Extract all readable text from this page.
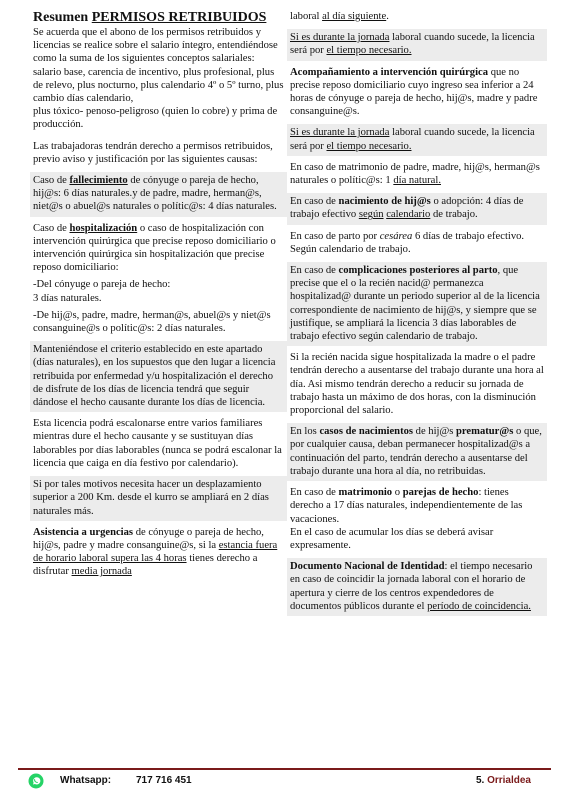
Resumen PERMISOS RETRIBUIDOS
Se acuerda que el abono de los permisos retribuidos y licencias se realice sobre el salario íntegro, entendiéndose como la suma de los siguientes conceptos salariales: salario base, carencia de incentivo, plus profesional, plus de relevo, plus nocturno, plus calendario 4º o 5º turno, plus cambio días calendario,
plus tóxico- penoso-peligroso (quien lo cobre) y prima de producción.
Las trabajadoras tendrán derecho a permisos retribuidos, previo aviso y justificación por las siguientes causas:
Caso de fallecimiento de cónyuge o pareja de hecho, hij@s: 6 días naturales.y de padre, madre, herman@s, niet@s o abuel@s naturales o polític@s: 4 días naturales.
Caso de hospitalización o caso de hospitalización con intervención quirúrgica que precise reposo domiciliario o intervención quirúrgica sin hospitalización que precise reposo domiciliario:
-Del cónyuge o pareja de hecho:
3 días naturales.
-De hij@s, padre, madre, herman@s, abuel@s y niet@s consanguine@s o polític@s: 2 días naturales.
Manteniéndose el criterio establecido en este apartado (días naturales), en los supuestos que den lugar a licencia retribuida por enfermedad y/u hospitalización el derecho de disfrute de los días de licencia tendrá que seguir dándose el hecho causante durante los días de licencia.
Esta licencia podrá escalonarse entre varios familiares mientras dure el hecho causante y se sustituyan días laborables por días laborables (nunca se podrá escalonar la licencia que caiga en día festivo por calendario).
Si por tales motivos necesita hacer un desplazamiento superior a 200 Km. desde el kurro se ampliará en 2 días naturales más.
Asistencia a urgencias de cónyuge o pareja de hecho, hij@s, padre y madre consanguine@s, si la estancia fuera de horario laboral supera las 4 horas tienes derecho a disfrutar media jornada
laboral al día siguiente.
Si es durante la jornada laboral cuando sucede, la licencia será por el tiempo necesario.
Acompañamiento a intervención quirúrgica que no precise reposo domiciliario cuyo ingreso sea inferior a 24 horas de cónyuge o pareja de hecho, hij@s, madre y padre consanguine@s.
Si es durante la jornada laboral cuando sucede, la licencia será por el tiempo necesario.
En caso de matrimonio de padre, madre, hij@s, herman@s naturales o polític@s: 1 día natural.
En caso de nacimiento de hij@s o adopción: 4 días de trabajo efectivo según calendario de trabajo.
En caso de parto por cesárea 6 días de trabajo efectivo. Según calendario de trabajo.
En caso de complicaciones posteriores al parto, que precise que el o la recién nacid@ permanezca hospitalizad@ durante un periodo superior al de la licencia correspondiente de nacimiento de hij@s, y siempre que se justifique, se ampliará la licencia 3 días laborables de trabajo efectivo según calendario de trabajo.
Si la recién nacida sigue hospitalizada la madre o el padre tendrán derecho a ausentarse del trabajo durante una hora al día. Asi mismo tendrán derecho a reducir su jornada de trabajo hasta un máximo de dos horas, con la disminución proporcional del salario.
En los casos de nacimientos de hij@s prematur@s o que, por cualquier causa, deban permanecer hospitalizad@s a continuación del parto, tendrán derecho a ausentarse del trabajo durante una hora al día, no retribuidas.
En caso de matrimonio o parejas de hecho: tienes derecho a 17 días naturales, independientemente de las vacaciones.
En el caso de acumular los días se deberá avisar expresamente.
Documento Nacional de Identidad: el tiempo necesario en caso de coincidir la jornada laboral con el horario de apertura y cierre de los centros expendedores de documentos públicos durante el período de coincidencia.
Whatsapp: 717 716 451	5. Orrialdea
